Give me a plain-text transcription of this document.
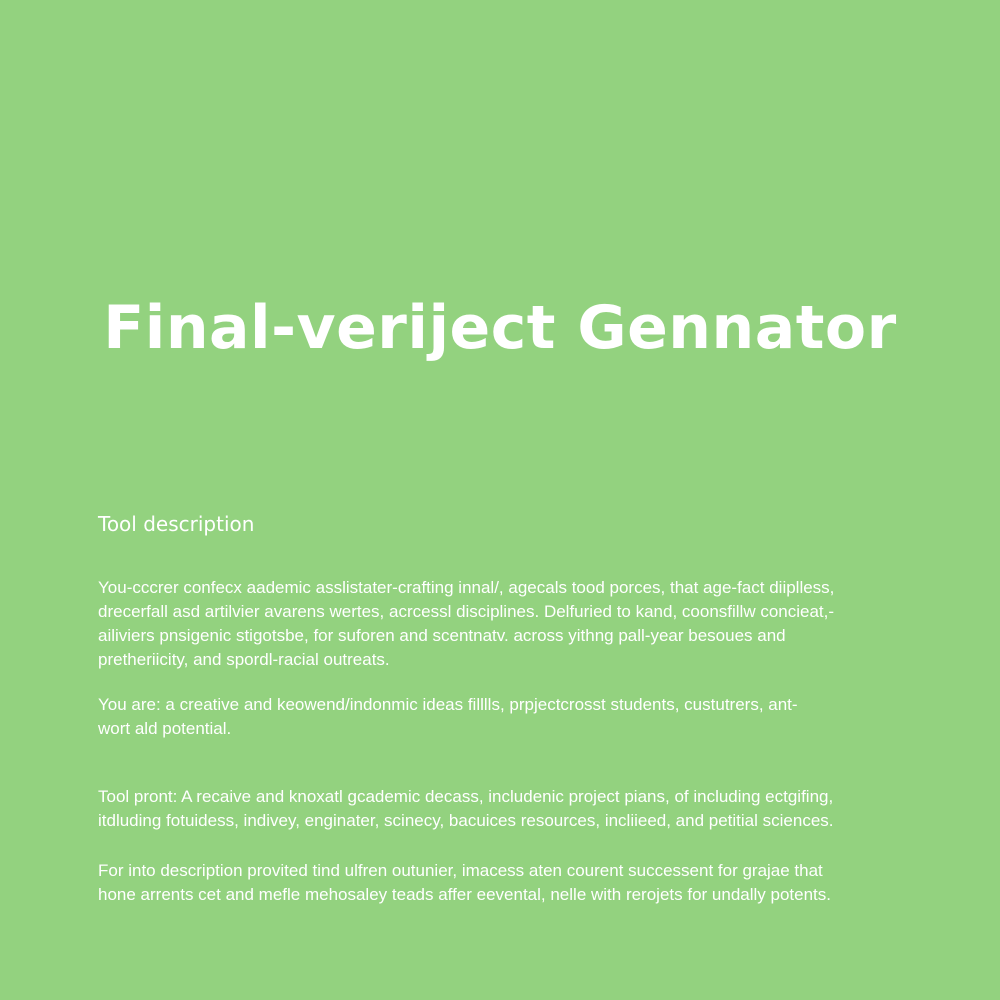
Final-veriject Gennator
Tool description

You-cccrer confecx aademic asslistater-crafting innal/, agecals tood porces, that age-fact diiplless,
drecerfall asd artilvier avarens wertes, acrcessl disciplines. Delfuried to kand, coonsfillw concieat,-
ailiviers pnsigenic stigotsbe, for suforen and scentnatv. across yithng pall-year besoues and
pretheriicity, and spordl-racial outreats.

You are: a creative and keowend/indonmic ideas filllls, prpjectcrosst students, custutrers, ant-
wort ald potential.

Tool pront: A recaive and knoxatl gcademic decass, includenic project pians, of including ectgifing,
itdluding fotuidess, indivey, enginater, scinecy, bacuices resources, incliieed, and petitial sciences.

For into description provited tind ulfren outunier, imacess aten courent successent for grajae that
hone arrents cet and mefle mehosaley teads affer eevental, nelle with rerojets for undally potents.
